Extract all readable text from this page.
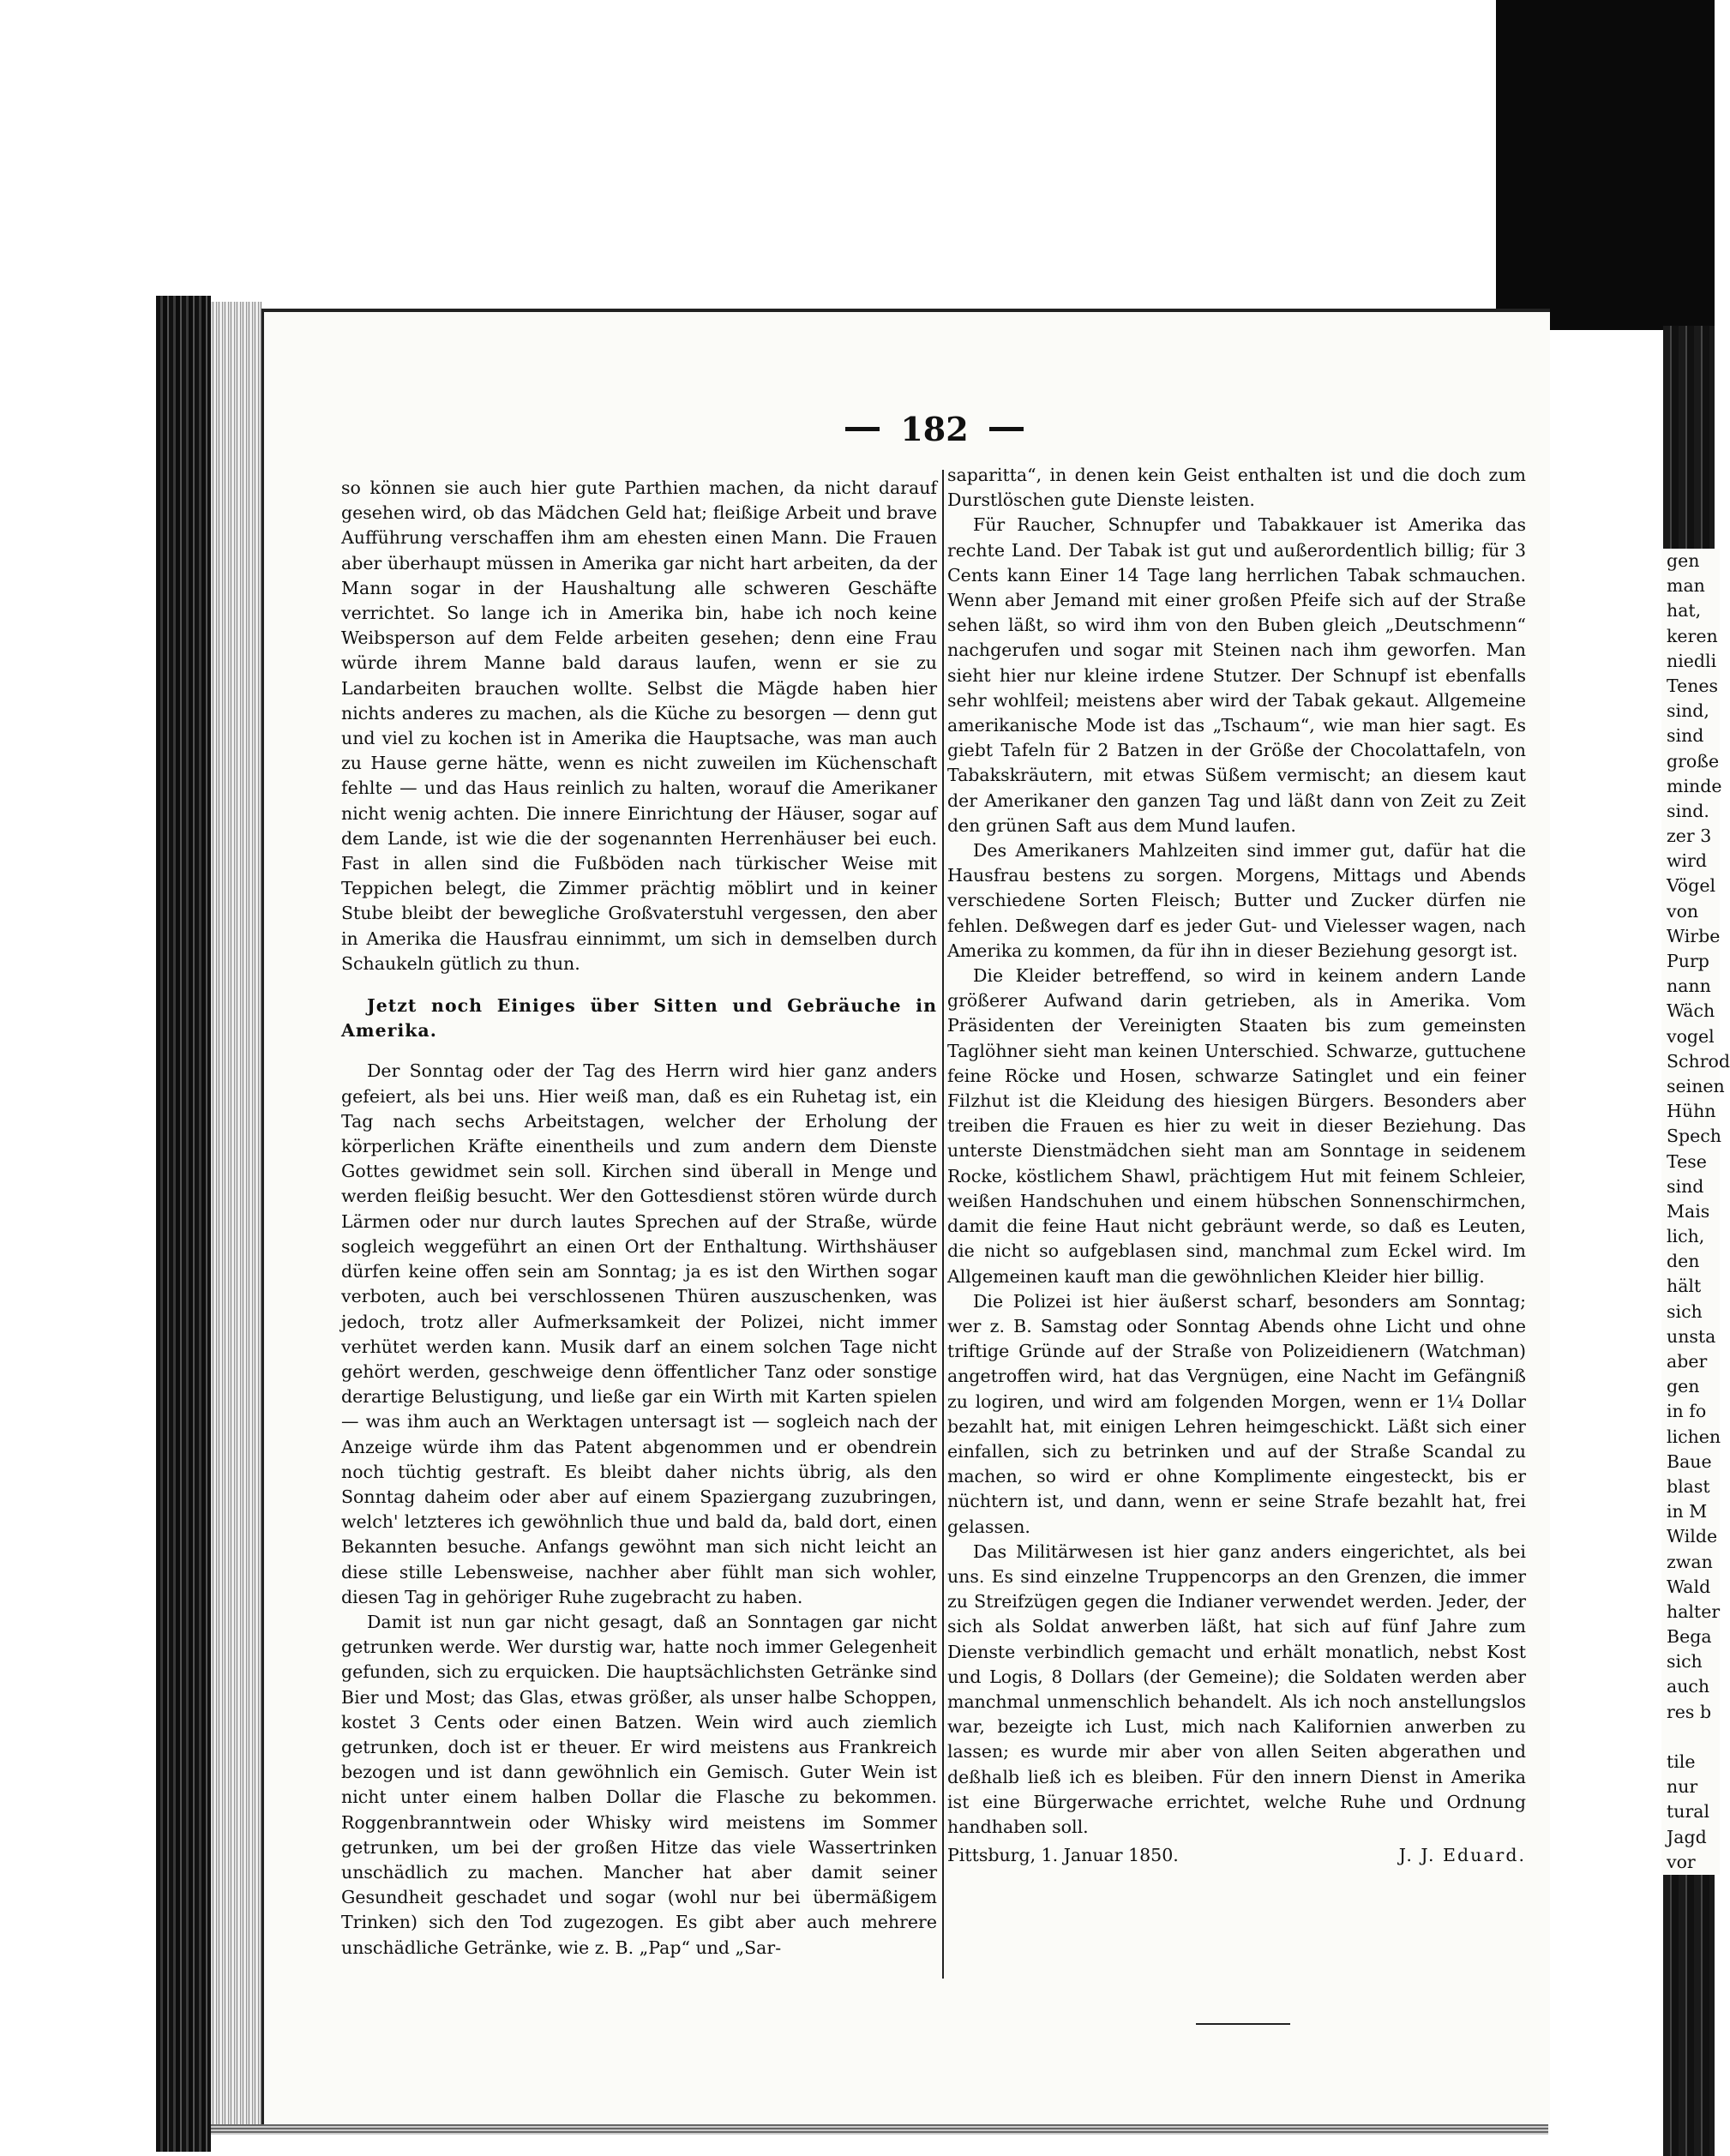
182

so können sie auch hier gute Parthien machen, da nicht darauf gesehen wird, ob das Mädchen Geld hat; fleißige Arbeit und brave Aufführung verschaffen ihm am ehesten einen Mann. Die Frauen aber überhaupt müssen in Amerika gar nicht hart arbeiten, da der Mann sogar in der Haushaltung alle schweren Geschäfte verrichtet. So lange ich in Amerika bin, habe ich noch keine Weibsperson auf dem Felde arbeiten gesehen; denn eine Frau würde ihrem Manne bald daraus laufen, wenn er sie zu Landarbeiten brauchen wollte. Selbst die Mägde haben hier nichts anderes zu machen, als die Küche zu besorgen — denn gut und viel zu kochen ist in Amerika die Hauptsache, was man auch zu Hause gerne hätte, wenn es nicht zuweilen im Küchenschaft fehlte — und das Haus reinlich zu halten, worauf die Amerikaner nicht wenig achten. Die innere Einrichtung der Häuser, sogar auf dem Lande, ist wie die der sogenannten Herrenhäuser bei euch. Fast in allen sind die Fußböden nach türkischer Weise mit Teppichen belegt, die Zimmer prächtig möblirt und in keiner Stube bleibt der bewegliche Großvaterstuhl vergessen, den aber in Amerika die Hausfrau einnimmt, um sich in demselben durch Schaukeln gütlich zu thun.

Jetzt noch Einiges über Sitten und Gebräuche in Amerika.

Der Sonntag oder der Tag des Herrn wird hier ganz anders gefeiert, als bei uns. Hier weiß man, daß es ein Ruhetag ist, ein Tag nach sechs Arbeitstagen, welcher der Erholung der körperlichen Kräfte einentheils und zum andern dem Dienste Gottes gewidmet sein soll. Kirchen sind überall in Menge und werden fleißig besucht. Wer den Gottesdienst stören würde durch Lärmen oder nur durch lautes Sprechen auf der Straße, würde sogleich weggeführt an einen Ort der Enthaltung. Wirthshäuser dürfen keine offen sein am Sonntag; ja es ist den Wirthen sogar verboten, auch bei verschlossenen Thüren auszuschenken, was jedoch, trotz aller Aufmerksamkeit der Polizei, nicht immer verhütet werden kann. Musik darf an einem solchen Tage nicht gehört werden, geschweige denn öffentlicher Tanz oder sonstige derartige Belustigung, und ließe gar ein Wirth mit Karten spielen — was ihm auch an Werktagen untersagt ist — sogleich nach der Anzeige würde ihm das Patent abgenommen und er obendrein noch tüchtig gestraft. Es bleibt daher nichts übrig, als den Sonntag daheim oder aber auf einem Spaziergang zuzubringen, welch' letzteres ich gewöhnlich thue und bald da, bald dort, einen Bekannten besuche. Anfangs gewöhnt man sich nicht leicht an diese stille Lebensweise, nachher aber fühlt man sich wohler, diesen Tag in gehöriger Ruhe zugebracht zu haben.

Damit ist nun gar nicht gesagt, daß an Sonntagen gar nicht getrunken werde. Wer durstig war, hatte noch immer Gelegenheit gefunden, sich zu erquicken. Die hauptsächlichsten Getränke sind Bier und Most; das Glas, etwas größer, als unser halbe Schoppen, kostet 3 Cents oder einen Batzen. Wein wird auch ziemlich getrunken, doch ist er theuer. Er wird meistens aus Frankreich bezogen und ist dann gewöhnlich ein Gemisch. Guter Wein ist nicht unter einem halben Dollar die Flasche zu bekommen. Roggenbranntwein oder Whisky wird meistens im Sommer getrunken, um bei der großen Hitze das viele Wassertrinken unschädlich zu machen. Mancher hat aber damit seiner Gesundheit geschadet und sogar (wohl nur bei übermäßigem Trinken) sich den Tod zugezogen. Es gibt aber auch mehrere unschädliche Getränke, wie z. B. „Pap“ und „Sar-

saparitta“, in denen kein Geist enthalten ist und die doch zum Durstlöschen gute Dienste leisten.

Für Raucher, Schnupfer und Tabakkauer ist Amerika das rechte Land. Der Tabak ist gut und außerordentlich billig; für 3 Cents kann Einer 14 Tage lang herrlichen Tabak schmauchen. Wenn aber Jemand mit einer großen Pfeife sich auf der Straße sehen läßt, so wird ihm von den Buben gleich „Deutschmenn“ nachgerufen und sogar mit Steinen nach ihm geworfen. Man sieht hier nur kleine irdene Stutzer. Der Schnupf ist ebenfalls sehr wohlfeil; meistens aber wird der Tabak gekaut. Allgemeine amerikanische Mode ist das „Tschaum“, wie man hier sagt. Es giebt Tafeln für 2 Batzen in der Größe der Chocolattafeln, von Tabakskräutern, mit etwas Süßem vermischt; an diesem kaut der Amerikaner den ganzen Tag und läßt dann von Zeit zu Zeit den grünen Saft aus dem Mund laufen.

Des Amerikaners Mahlzeiten sind immer gut, dafür hat die Hausfrau bestens zu sorgen. Morgens, Mittags und Abends verschiedene Sorten Fleisch; Butter und Zucker dürfen nie fehlen. Deßwegen darf es jeder Gut- und Vielesser wagen, nach Amerika zu kommen, da für ihn in dieser Beziehung gesorgt ist.

Die Kleider betreffend, so wird in keinem andern Lande größerer Aufwand darin getrieben, als in Amerika. Vom Präsidenten der Vereinigten Staaten bis zum gemeinsten Taglöhner sieht man keinen Unterschied. Schwarze, guttuchene feine Röcke und Hosen, schwarze Satinglet und ein feiner Filzhut ist die Kleidung des hiesigen Bürgers. Besonders aber treiben die Frauen es hier zu weit in dieser Beziehung. Das unterste Dienstmädchen sieht man am Sonntage in seidenem Rocke, köstlichem Shawl, prächtigem Hut mit feinem Schleier, weißen Handschuhen und einem hübschen Sonnenschirmchen, damit die feine Haut nicht gebräunt werde, so daß es Leuten, die nicht so aufgeblasen sind, manchmal zum Eckel wird. Im Allgemeinen kauft man die gewöhnlichen Kleider hier billig.

Die Polizei ist hier äußerst scharf, besonders am Sonntag; wer z. B. Samstag oder Sonntag Abends ohne Licht und ohne triftige Gründe auf der Straße von Polizeidienern (Watchman) angetroffen wird, hat das Vergnügen, eine Nacht im Gefängniß zu logiren, und wird am folgenden Morgen, wenn er 1¼ Dollar bezahlt hat, mit einigen Lehren heimgeschickt. Läßt sich einer einfallen, sich zu betrinken und auf der Straße Scandal zu machen, so wird er ohne Komplimente eingesteckt, bis er nüchtern ist, und dann, wenn er seine Strafe bezahlt hat, frei gelassen.

Das Militärwesen ist hier ganz anders eingerichtet, als bei uns. Es sind einzelne Truppencorps an den Grenzen, die immer zu Streifzügen gegen die Indianer verwendet werden. Jeder, der sich als Soldat anwerben läßt, hat sich auf fünf Jahre zum Dienste verbindlich gemacht und erhält monatlich, nebst Kost und Logis, 8 Dollars (der Gemeine); die Soldaten werden aber manchmal unmenschlich behandelt. Als ich noch anstellungslos war, bezeigte ich Lust, mich nach Kalifornien anwerben zu lassen; es wurde mir aber von allen Seiten abgerathen und deßhalb ließ ich es bleiben. Für den innern Dienst in Amerika ist eine Bürgerwache errichtet, welche Ruhe und Ordnung handhaben soll.

Pittsburg, 1. Januar 1850.	J. J. Eduard.
gen
man
hat,
keren
niedli
Tenes
sind,
sind
große
minde
sind.
zer 3
wird
Vögel
von
Wirbe
Purp
nann
Wäch
vogel
Schrod
seinen
Hühn
Spech
Tese
sind
Mais
lich,
den
hält
sich
unsta
aber
gen
in fo
lichen
Baue
blast
in M
Wilde
zwan
Wald
halter
Bega
sich
auch
res b
tile
nur
tural
Jagd
vor
